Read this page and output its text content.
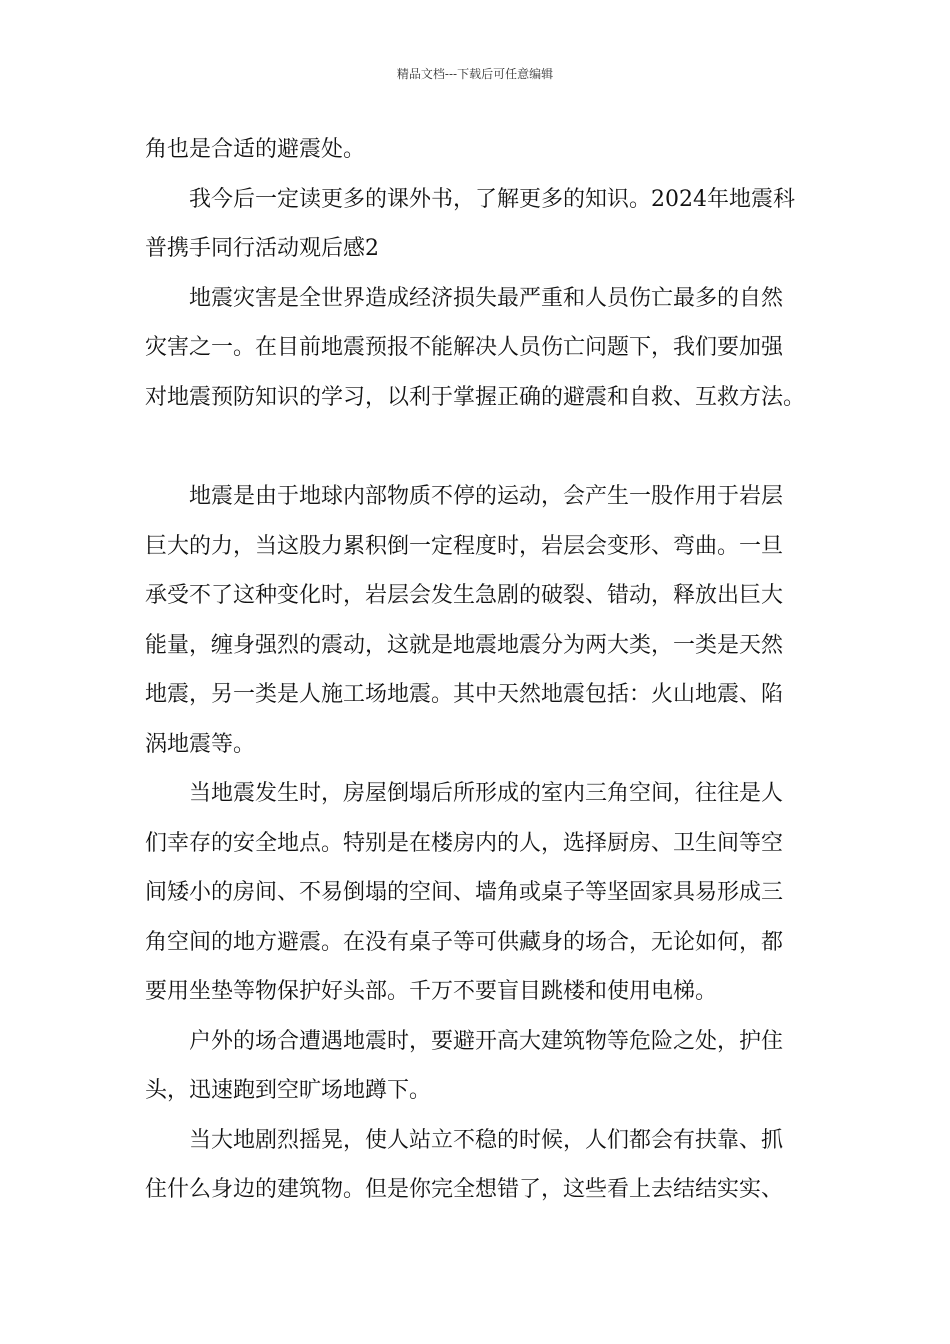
精品文档---下载后可任意编辑

角也是合适的避震处。

我今后一定读更多的课外书，了解更多的知识。2024年地震科
普携手同行活动观后感2

地震灾害是全世界造成经济损失最严重和人员伤亡最多的自然
灾害之一。在目前地震预报不能解决人员伤亡问题下，我们要加强
对地震预防知识的学习，以利于掌握正确的避震和自救、互救方法。

地震是由于地球内部物质不停的运动，会产生一股作用于岩层
巨大的力，当这股力累积倒一定程度时，岩层会变形、弯曲。一旦
承受不了这种变化时，岩层会发生急剧的破裂、错动，释放出巨大
能量，缠身强烈的震动，这就是地震地震分为两大类，一类是天然
地震，另一类是人施工场地震。其中天然地震包括：火山地震、陷
涡地震等。

当地震发生时，房屋倒塌后所形成的室内三角空间，往往是人
们幸存的安全地点。特别是在楼房内的人，选择厨房、卫生间等空
间矮小的房间、不易倒塌的空间、墙角或桌子等坚固家具易形成三
角空间的地方避震。在没有桌子等可供藏身的场合，无论如何，都
要用坐垫等物保护好头部。千万不要盲目跳楼和使用电梯。

户外的场合遭遇地震时，要避开高大建筑物等危险之处，护住
头，迅速跑到空旷场地蹲下。

当大地剧烈摇晃，使人站立不稳的时候，人们都会有扶靠、抓
住什么身边的建筑物。但是你完全想错了，这些看上去结结实实、
